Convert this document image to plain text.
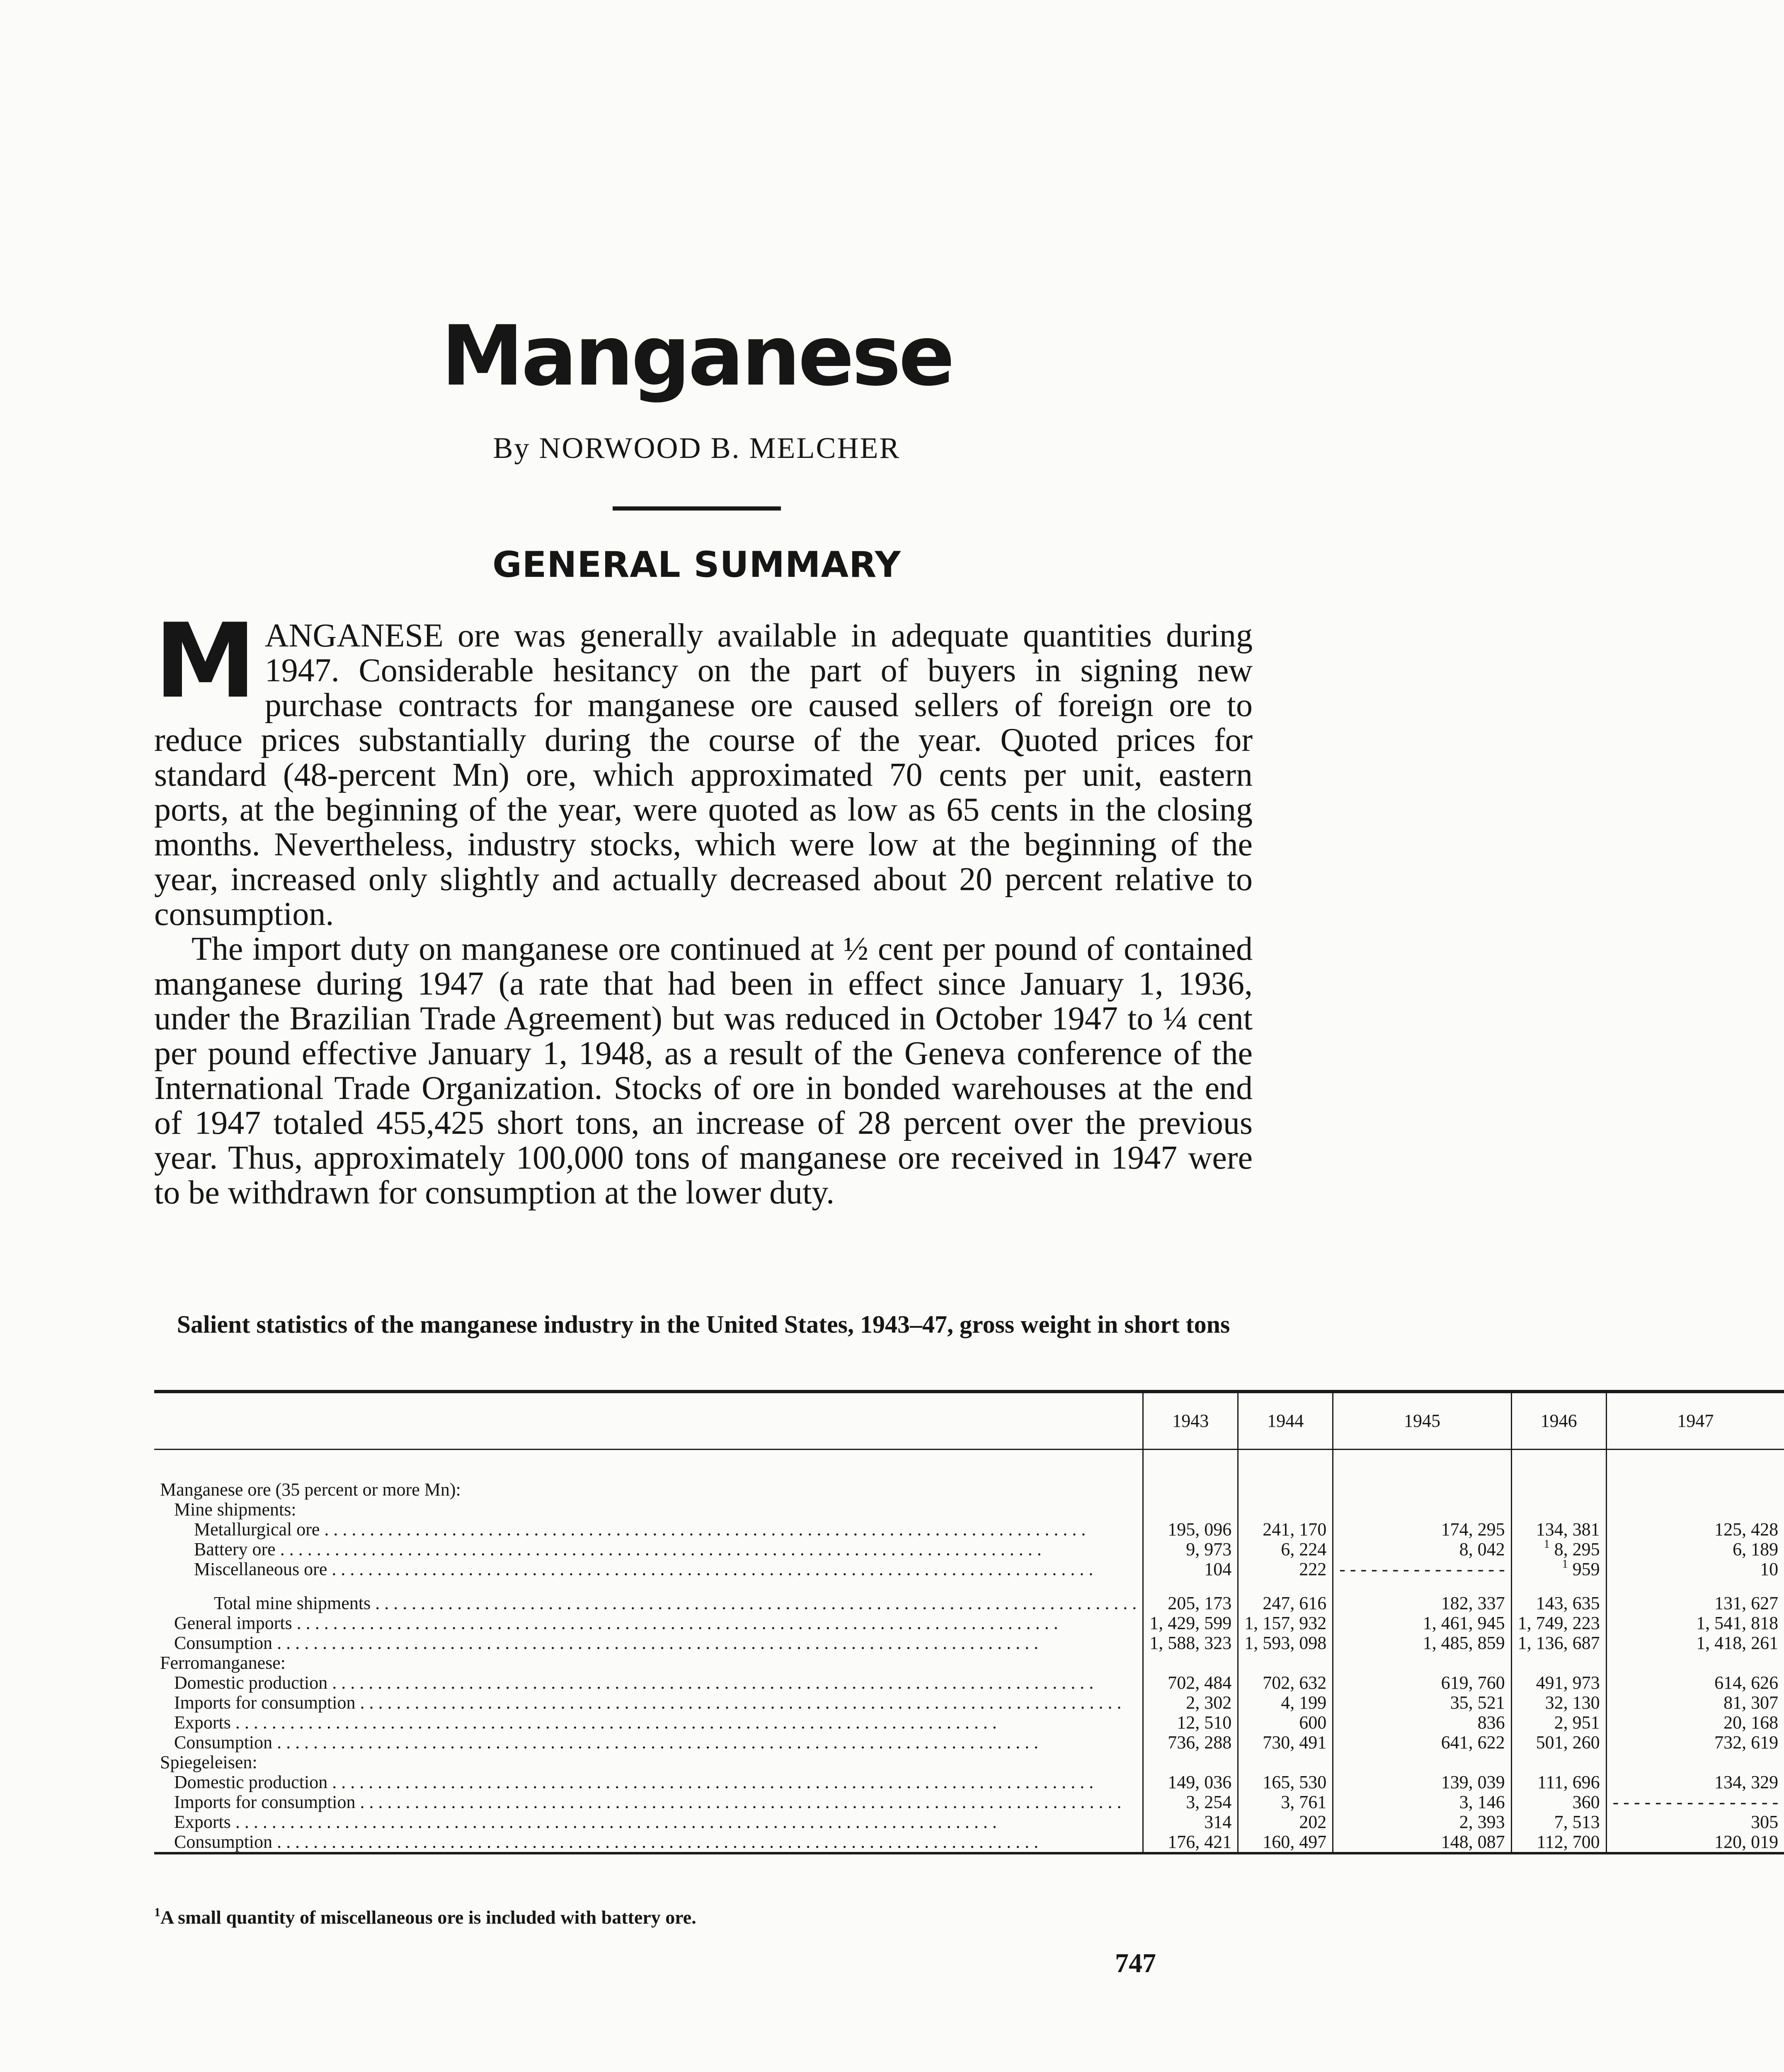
Manganese
By NORWOOD B. MELCHER
GENERAL SUMMARY

MANGANESE ore was generally available in adequate quantities during 1947. Considerable hesitancy on the part of buyers in signing new purchase contracts for manganese ore caused sellers of foreign ore to reduce prices substantially during the course of the year. Quoted prices for standard (48-percent Mn) ore, which approximated 70 cents per unit, eastern ports, at the beginning of the year, were quoted as low as 65 cents in the closing months. Nevertheless, industry stocks, which were low at the beginning of the year, increased only slightly and actually decreased about 20 percent relative to consumption.

The import duty on manganese ore continued at ½ cent per pound of contained manganese during 1947 (a rate that had been in effect since January 1, 1936, under the Brazilian Trade Agreement) but was reduced in October 1947 to ¼ cent per pound effective January 1, 1948, as a result of the Geneva conference of the International Trade Organization. Stocks of ore in bonded warehouses at the end of 1947 totaled 455,425 short tons, an increase of 28 percent over the previous year. Thus, approximately 100,000 tons of manganese ore received in 1947 were to be withdrawn for consumption at the lower duty.

Salient statistics of the manganese industry in the United States, 1943–47, gross weight in short tons
	1943	1944	1945	1946	1947

Manganese ore (35 percent or more Mn):					
Mine shipments:					
Metallurgical ore . . .	195, 096	241, 170	174, 295	134, 381	125, 428
Battery ore . . .	9, 973	6, 224	8, 042	$^1$ 8, 295	6, 189
Miscellaneous ore . . .	104	222	- - -	$^1$ 959	10

Total mine shipments . . .	205, 173	247, 616	182, 337	143, 635	131, 627
General imports . . .	1, 429, 599	1, 157, 932	1, 461, 945	1, 749, 223	1, 541, 818
Consumption . . .	1, 588, 323	1, 593, 098	1, 485, 859	1, 136, 687	1, 418, 261
Ferromanganese:					
Domestic production . . .	702, 484	702, 632	619, 760	491, 973	614, 626
Imports for consumption . . .	2, 302	4, 199	35, 521	32, 130	81, 307
Exports . . .	12, 510	600	836	2, 951	20, 168
Consumption . . .	736, 288	730, 491	641, 622	501, 260	732, 619
Spiegeleisen:					
Domestic production . . .	149, 036	165, 530	139, 039	111, 696	134, 329
Imports for consumption . . .	3, 254	3, 761	3, 146	360	- - -
Exports . . .	314	202	2, 393	7, 513	305
Consumption . . .	176, 421	160, 497	148, 087	112, 700	120, 019
$^1$A small quantity of miscellaneous ore is included with battery ore.
747
